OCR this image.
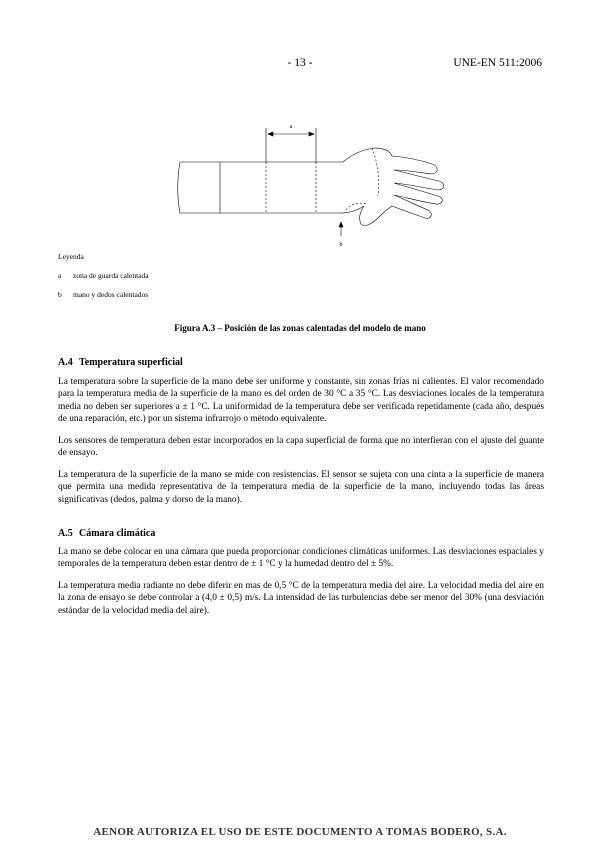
- 13 -	UNE-EN 511:2006
a
b
Leyenda
a zona de guarda calentada
b mano y dedos calentados
Figura A.3 – Posición de las zonas calentadas del modelo de mano
A.4 Temperatura superficial

La temperatura sobre la superficie de la mano debe ser uniforme y constante, sin zonas frías ni calientes. El valor recomendado para la temperatura media de la superficie de la mano es del orden de 30 °C a 35 °C. Las desviaciones locales de la temperatura media no deben ser superiores a ± 1 °C. La uniformidad de la temperatura debe ser verificada repetidamente (cada año, después de una reparación, etc.) por un sistema infrarrojo o método equivalente.

Los sensores de temperatura deben estar incorporados en la capa superficial de forma que no interfieran con el ajuste del guante de ensayo.

La temperatura de la superficie de la mano se mide con resistencias. El sensor se sujeta con una cinta a la superficie de manera que permita una medida representativa de la temperatura media de la superficie de la mano, incluyendo todas las áreas significativas (dedos, palma y dorso de la mano).

A.5 Cámara climática

La mano se debe colocar en una cámara que pueda proporcionar condiciones climáticas uniformes. Las desviaciones espaciales y temporales de la temperatura deben estar dentro de ± 1 °C y la humedad dentro del ± 5%.

La temperatura media radiante no debe diferir en mas de 0,5 °C de la temperatura media del aire. La velocidad media del aire en la zona de ensayo se debe controlar a (4,0 ± 0,5) m/s. La intensidad de las turbulencias debe ser menor del 30% (una desviación estándar de la velocidad media del aire).

AENOR AUTORIZA EL USO DE ESTE DOCUMENTO A TOMAS BODERO, S.A.
